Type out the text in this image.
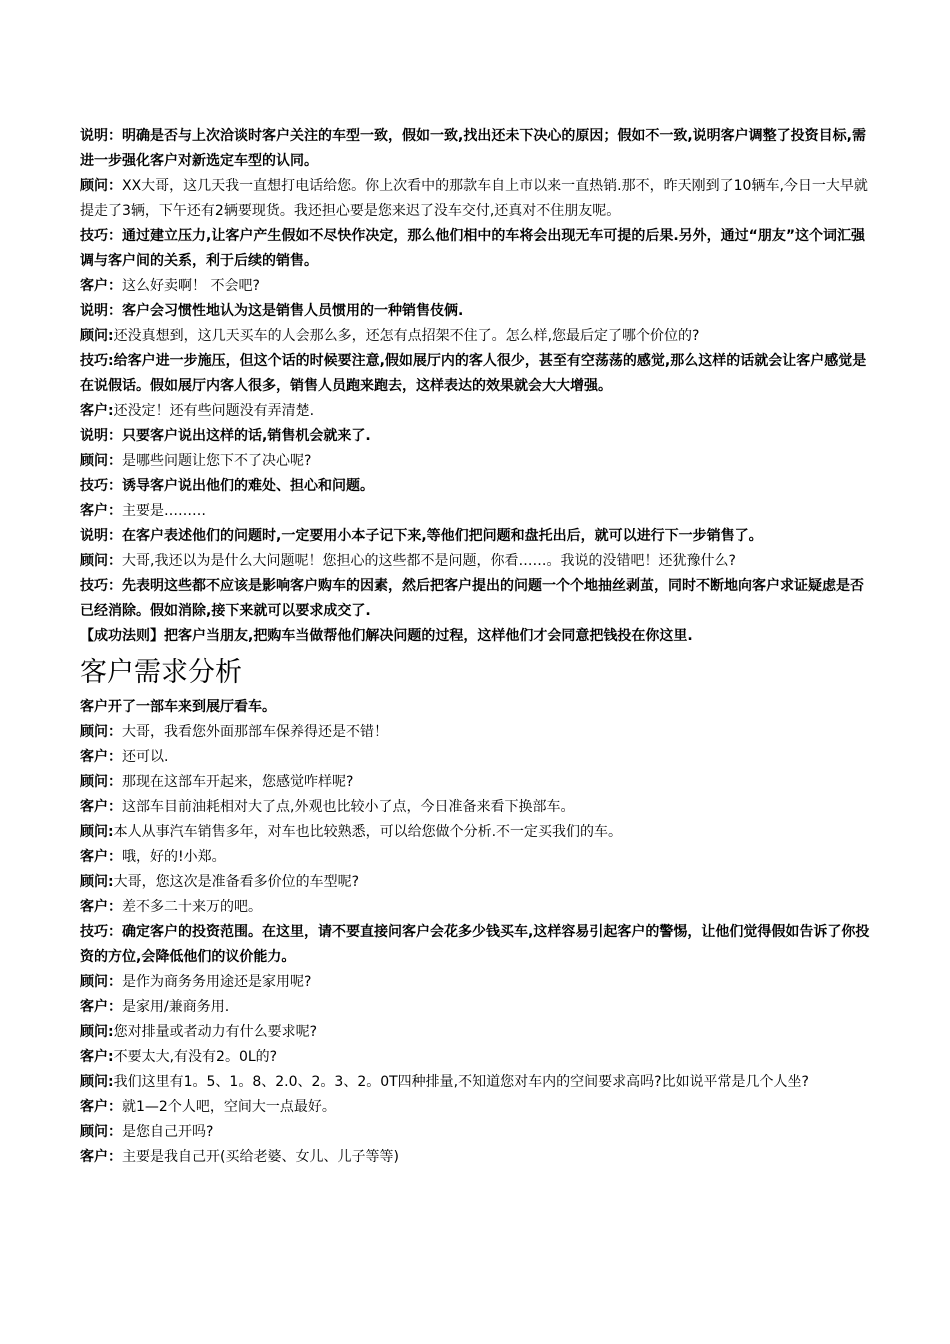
说明：明确是否与上次洽谈时客户关注的车型一致，假如一致,找出还未下决心的原因；假如不一致,说明客户调整了投资目标,需进一步强化客户对新选定车型的认同。

顾问：XX大哥，这几天我一直想打电话给您。你上次看中的那款车自上市以来一直热销.那不，昨天刚到了10辆车,今日一大早就提走了3辆，下午还有2辆要现货。我还担心要是您来迟了没车交付,还真对不住朋友呢。

技巧：通过建立压力,让客户产生假如不尽快作决定，那么他们相中的车将会出现无车可提的后果.另外，通过“朋友”这个词汇强调与客户间的关系，利于后续的销售。

客户：这么好卖啊！ 不会吧?

说明：客户会习惯性地认为这是销售人员惯用的一种销售伎俩.

顾问:还没真想到，这几天买车的人会那么多，还怎有点招架不住了。怎么样,您最后定了哪个价位的?

技巧:给客户进一步施压，但这个话的时候要注意,假如展厅内的客人很少，甚至有空荡荡的感觉,那么这样的话就会让客户感觉是在说假话。假如展厅内客人很多，销售人员跑来跑去，这样表达的效果就会大大增强。

客户:还没定！还有些问题没有弄清楚.

说明：只要客户说出这样的话,销售机会就来了.

顾问：是哪些问题让您下不了决心呢?

技巧：诱导客户说出他们的难处、担心和问题。

客户：主要是………

说明：在客户表述他们的问题时,一定要用小本子记下来,等他们把问题和盘托出后，就可以进行下一步销售了。

顾问：大哥,我还以为是什么大问题呢！您担心的这些都不是问题，你看……。我说的没错吧！还犹豫什么?

技巧：先表明这些都不应该是影响客户购车的因素，然后把客户提出的问题一个个地抽丝剥茧，同时不断地向客户求证疑虑是否已经消除。假如消除,接下来就可以要求成交了.

【成功法则】把客户当朋友,把购车当做帮他们解决问题的过程，这样他们才会同意把钱投在你这里.

客户需求分析

客户开了一部车来到展厅看车。

顾问：大哥，我看您外面那部车保养得还是不错！

客户：还可以.

顾问：那现在这部车开起来，您感觉咋样呢?

客户：这部车目前油耗相对大了点,外观也比较小了点，今日准备来看下换部车。

顾问:本人从事汽车销售多年，对车也比较熟悉，可以给您做个分析.不一定买我们的车。

客户：哦，好的!小郑。

顾问:大哥，您这次是准备看多价位的车型呢?

客户：差不多二十来万的吧。

技巧：确定客户的投资范围。在这里，请不要直接问客户会花多少钱买车,这样容易引起客户的警惕，让他们觉得假如告诉了你投资的方位,会降低他们的议价能力。

顾问：是作为商务务用途还是家用呢?

客户：是家用/兼商务用.

顾问:您对排量或者动力有什么要求呢?

客户:不要太大,有没有2。0L的?

顾问:我们这里有1。5、1。8、2.0、2。3、2。0T四种排量,不知道您对车内的空间要求高吗?比如说平常是几个人坐?

客户：就1—2个人吧，空间大一点最好。

顾问：是您自己开吗?

客户：主要是我自己开(买给老婆、女儿、儿子等等)
